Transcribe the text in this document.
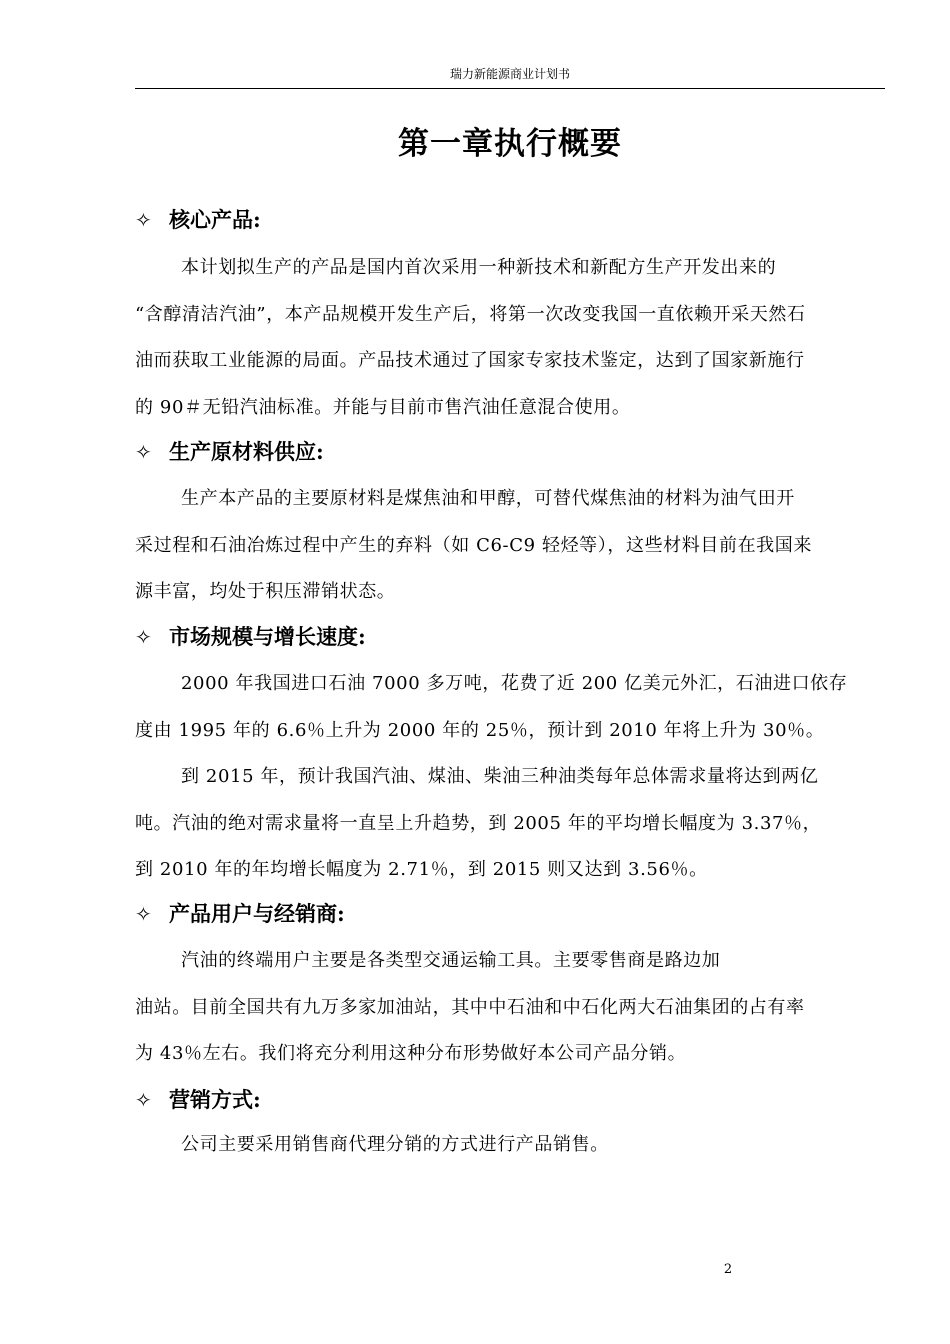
瑞力新能源商业计划书
第一章执行概要
✧ 核心产品:
本计划拟生产的产品是国内首次采用一种新技术和新配方生产开发出来的
“含醇清洁汽油”，本产品规模开发生产后，将第一次改变我国一直依赖开采天然石
油而获取工业能源的局面。产品技术通过了国家专家技术鉴定，达到了国家新施行
的 90＃无铅汽油标准。并能与目前市售汽油任意混合使用。
✧ 生产原材料供应:
生产本产品的主要原材料是煤焦油和甲醇，可替代煤焦油的材料为油气田开
采过程和石油冶炼过程中产生的弃料（如 C6-C9 轻烃等），这些材料目前在我国来
源丰富，均处于积压滞销状态。
✧ 市场规模与增长速度:
2000 年我国进口石油 7000 多万吨，花费了近 200 亿美元外汇，石油进口依存
度由 1995 年的 6.6％上升为 2000 年的 25％，预计到 2010 年将上升为 30％。
到 2015 年，预计我国汽油、煤油、柴油三种油类每年总体需求量将达到两亿
吨。汽油的绝对需求量将一直呈上升趋势，到 2005 年的平均增长幅度为 3.37％，
到 2010 年的年均增长幅度为 2.71％，到 2015 则又达到 3.56％。
✧ 产品用户与经销商:
汽油的终端用户主要是各类型交通运输工具。主要零售商是路边加
油站。目前全国共有九万多家加油站，其中中石油和中石化两大石油集团的占有率
为 43％左右。我们将充分利用这种分布形势做好本公司产品分销。
✧ 营销方式:
公司主要采用销售商代理分销的方式进行产品销售。
2
